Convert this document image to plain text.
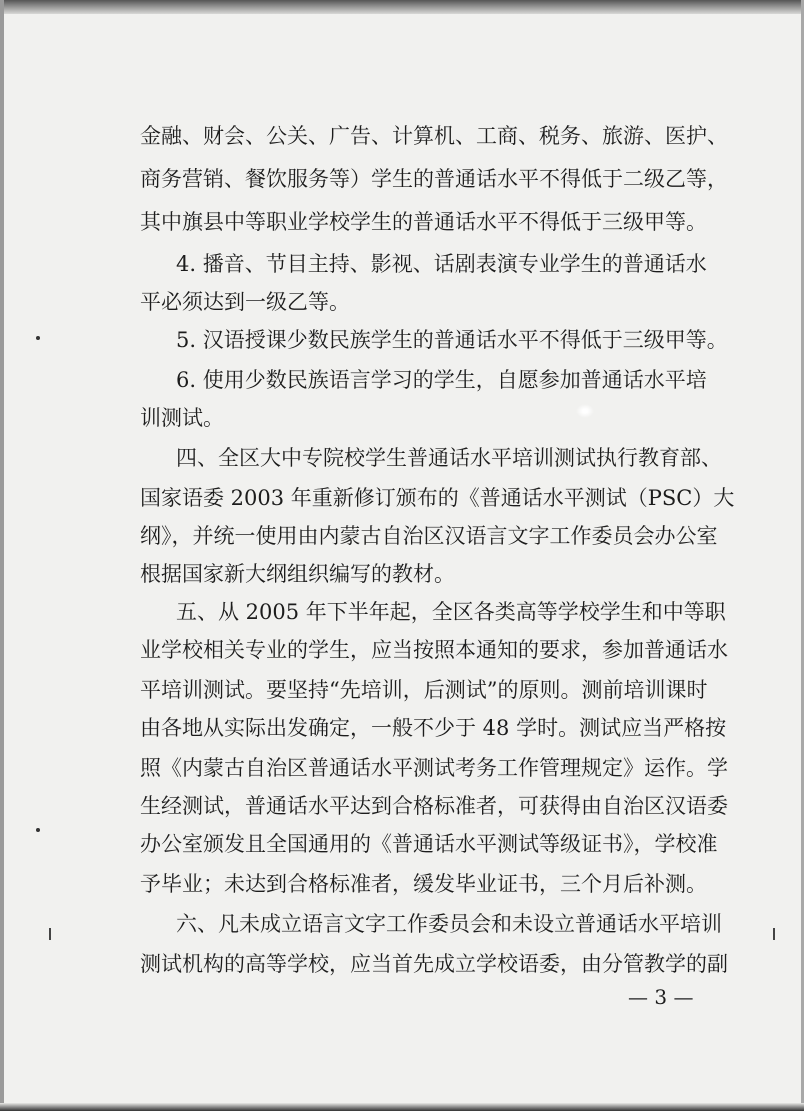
金融、财会、公关、广告、计算机、工商、税务、旅游、医护、
商务营销、餐饮服务等）学生的普通话水平不得低于二级乙等，
其中旗县中等职业学校学生的普通话水平不得低于三级甲等。
4. 播音、节目主持、影视、话剧表演专业学生的普通话水
平必须达到一级乙等。
5. 汉语授课少数民族学生的普通话水平不得低于三级甲等。
6. 使用少数民族语言学习的学生，自愿参加普通话水平培
训测试。
四、全区大中专院校学生普通话水平培训测试执行教育部、
国家语委 2003 年重新修订颁布的《普通话水平测试（PSC）大
纲》，并统一使用由内蒙古自治区汉语言文字工作委员会办公室
根据国家新大纲组织编写的教材。
五、从 2005 年下半年起，全区各类高等学校学生和中等职
业学校相关专业的学生，应当按照本通知的要求，参加普通话水
平培训测试。要坚持“先培训，后测试”的原则。测前培训课时
由各地从实际出发确定，一般不少于 48 学时。测试应当严格按
照《内蒙古自治区普通话水平测试考务工作管理规定》运作。学
生经测试，普通话水平达到合格标准者，可获得由自治区汉语委
办公室颁发且全国通用的《普通话水平测试等级证书》，学校准
予毕业；未达到合格标准者，缓发毕业证书，三个月后补测。
六、凡未成立语言文字工作委员会和未设立普通话水平培训
测试机构的高等学校，应当首先成立学校语委，由分管教学的副
— 3 —
